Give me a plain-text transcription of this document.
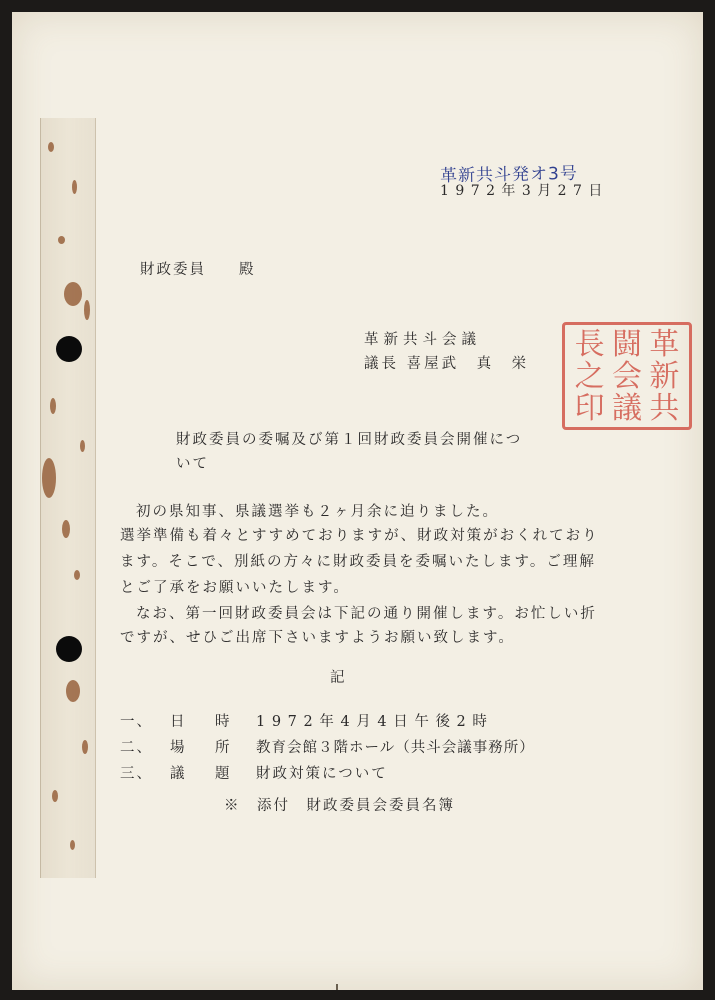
革新共斗発オ3号
1 9 7 2 年 3 月 2 7 日
財政委員　　殿
革新共斗会議
議長 喜屋武　真　栄
長 闘 革
之 会 新
印 議 共
財政委員の委嘱及び第１回財政委員会開催につ
いて
初の県知事、県議選挙も２ヶ月余に迫りました。
選挙準備も着々とすすめておりますが、財政対策がおくれており
ます。そこで、別紙の方々に財政委員を委嘱いたします。ご理解
とご了承をお願いいたします。
なお、第一回財政委員会は下記の通り開催します。お忙しい折
ですが、せひご出席下さいますようお願い致します。
記
一、 日　時 1 9 7 2 年 4 月 4 日 午 後 2 時
二、 場　所 教育会館３階ホール（共斗会議事務所）
三、 議　題 財政対策について
※　添付　財政委員会委員名簿
